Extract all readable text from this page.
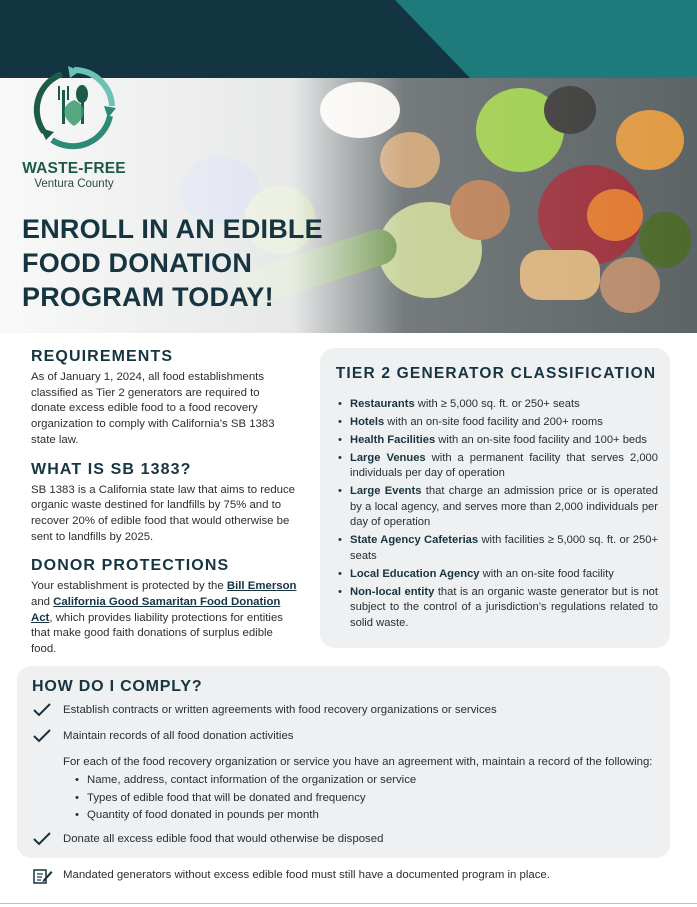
WASTE-FREE
Ventura County
ENROLL IN AN EDIBLE FOOD DONATION PROGRAM TODAY!
REQUIREMENTS

As of January 1, 2024, all food establishments classified as Tier 2 generators are required to donate excess edible food to a food recovery organization to comply with California’s SB 1383 state law.

WHAT IS SB 1383?

SB 1383 is a California state law that aims to reduce organic waste destined for landfills by 75% and to recover 20% of edible food that would otherwise be sent to landfills by 2025.

DONOR PROTECTIONS

Your establishment is protected by the Bill Emerson and California Good Samaritan Food Donation Act, which provides liability protections for entities that make good faith donations of surplus edible food.

TIER 2 GENERATOR CLASSIFICATION
• Restaurants with ≥ 5,000 sq. ft. or 250+ seats
• Hotels with an on-site food facility and 200+ rooms
• Health Facilities with an on-site food facility and 100+ beds
• Large Venues with a permanent facility that serves 2,000 individuals per day of operation
• Large Events that charge an admission price or is operated by a local agency, and serves more than 2,000 individuals per day of operation
• State Agency Cafeterias with facilities ≥ 5,000 sq. ft. or 250+ seats
• Local Education Agency with an on-site food facility
• Non-local entity that is an organic waste generator but is not subject to the control of a jurisdiction’s regulations related to solid waste.
HOW DO I COMPLY?
Establish contracts or written agreements with food recovery organizations or services
Maintain records of all food donation activities
For each of the food recovery organization or service you have an agreement with, maintain a record of the following:
• Name, address, contact information of the organization or service
• Types of edible food that will be donated and frequency
• Quantity of food donated in pounds per month
Donate all excess edible food that would otherwise be disposed
Mandated generators without excess edible food must still have a documented program in place.
